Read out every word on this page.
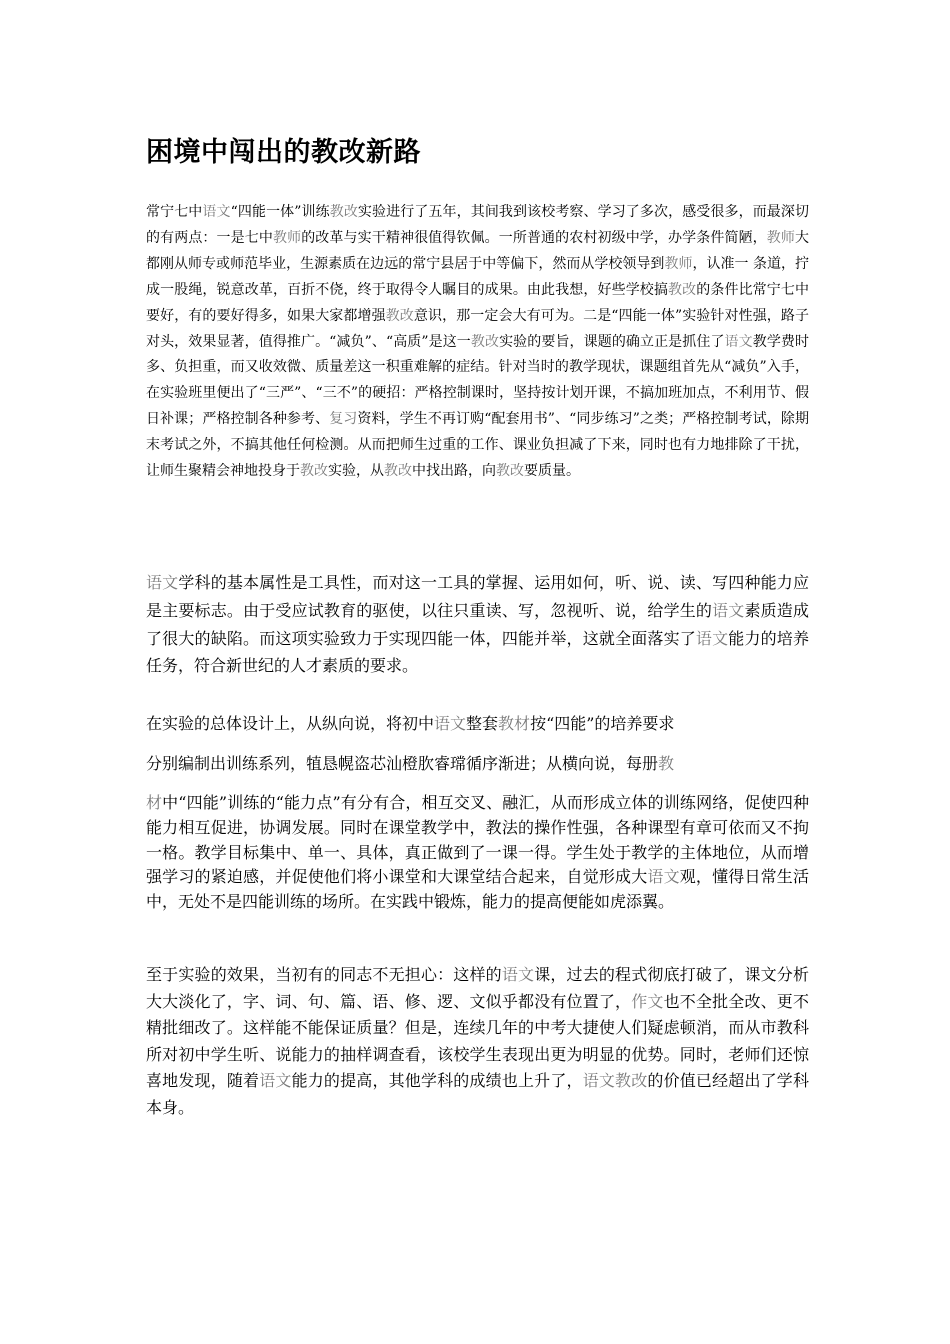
困境中闯出的教改新路

常宁七中语文“四能一体”训练教改实验进行了五年，其间我到该校考察、学习了多次，感受很多，而最深切的有两点：一是七中教师的改革与实干精神很值得钦佩。一所普通的农村初级中学，办学条件简陋，教师大都刚从师专或师范毕业，生源素质在边远的常宁县居于中等偏下，然而从学校领导到教师，认准一 条道，拧成一股绳，锐意改革，百折不侥，终于取得令人瞩目的成果。由此我想，好些学校搞教改的条件比常宁七中要好，有的要好得多，如果大家都增强教改意识，那一定会大有可为。二是“四能一体”实验针对性强，路子对头，效果显著，值得推广。“减负”、“高质”是这一教改实验的要旨，课题的确立正是抓住了语文教学费时多、负担重，而又收效微、质量差这一积重难解的症结。针对当时的教学现状，课题组首先从“减负”入手，在实验班里便出了“三严”、“三不”的硬招：严格控制课时，坚持按计划开课，不搞加班加点，不利用节、假日补课；严格控制各种参考、复习资料，学生不再订购“配套用书”、“同步练习”之类；严格控制考试，除期末考试之外，不搞其他任何检测。从而把师生过重的工作、课业负担减了下来，同时也有力地排除了干扰，让师生聚精会神地投身于教改实验，从教改中找出路，向教改要质量。

语文学科的基本属性是工具性，而对这一工具的掌握、运用如何，听、说、读、写四种能力应是主要标志。由于受应试教育的驱使，以往只重读、写，忽视听、说，给学生的语文素质造成了很大的缺陷。而这项实验致力于实现四能一体，四能并举，这就全面落实了语文能力的培养任务，符合新世纪的人才素质的要求。

在实验的总体设计上，从纵向说，将初中语文整套教材按“四能”的培养要求

分别编制出训练系列，犆恳幌盗芯汕橙肷睿瑺循序渐进；从横向说，每册教

材中“四能”训练的“能力点”有分有合，相互交叉、融汇，从而形成立体的训练网络，促使四种能力相互促进，协调发展。同时在课堂教学中，教法的操作性强，各种课型有章可依而又不拘一格。教学目标集中、单一、具体，真正做到了一课一得。学生处于教学的主体地位，从而增强学习的紧迫感，并促使他们将小课堂和大课堂结合起来，自觉形成大语文观，懂得日常生活中，无处不是四能训练的场所。在实践中锻炼，能力的提高便能如虎添翼。

至于实验的效果，当初有的同志不无担心：这样的语文课，过去的程式彻底打破了，课文分析大大淡化了，字、词、句、篇、语、修、逻、文似乎都没有位置了，作文也不全批全改、更不精批细改了。这样能不能保证质量？但是，连续几年的中考大捷使人们疑虑顿消，而从市教科所对初中学生听、说能力的抽样调查看，该校学生表现出更为明显的优势。同时，老师们还惊喜地发现，随着语文能力的提高，其他学科的成绩也上升了，语文教改的价值已经超出了学科本身。
